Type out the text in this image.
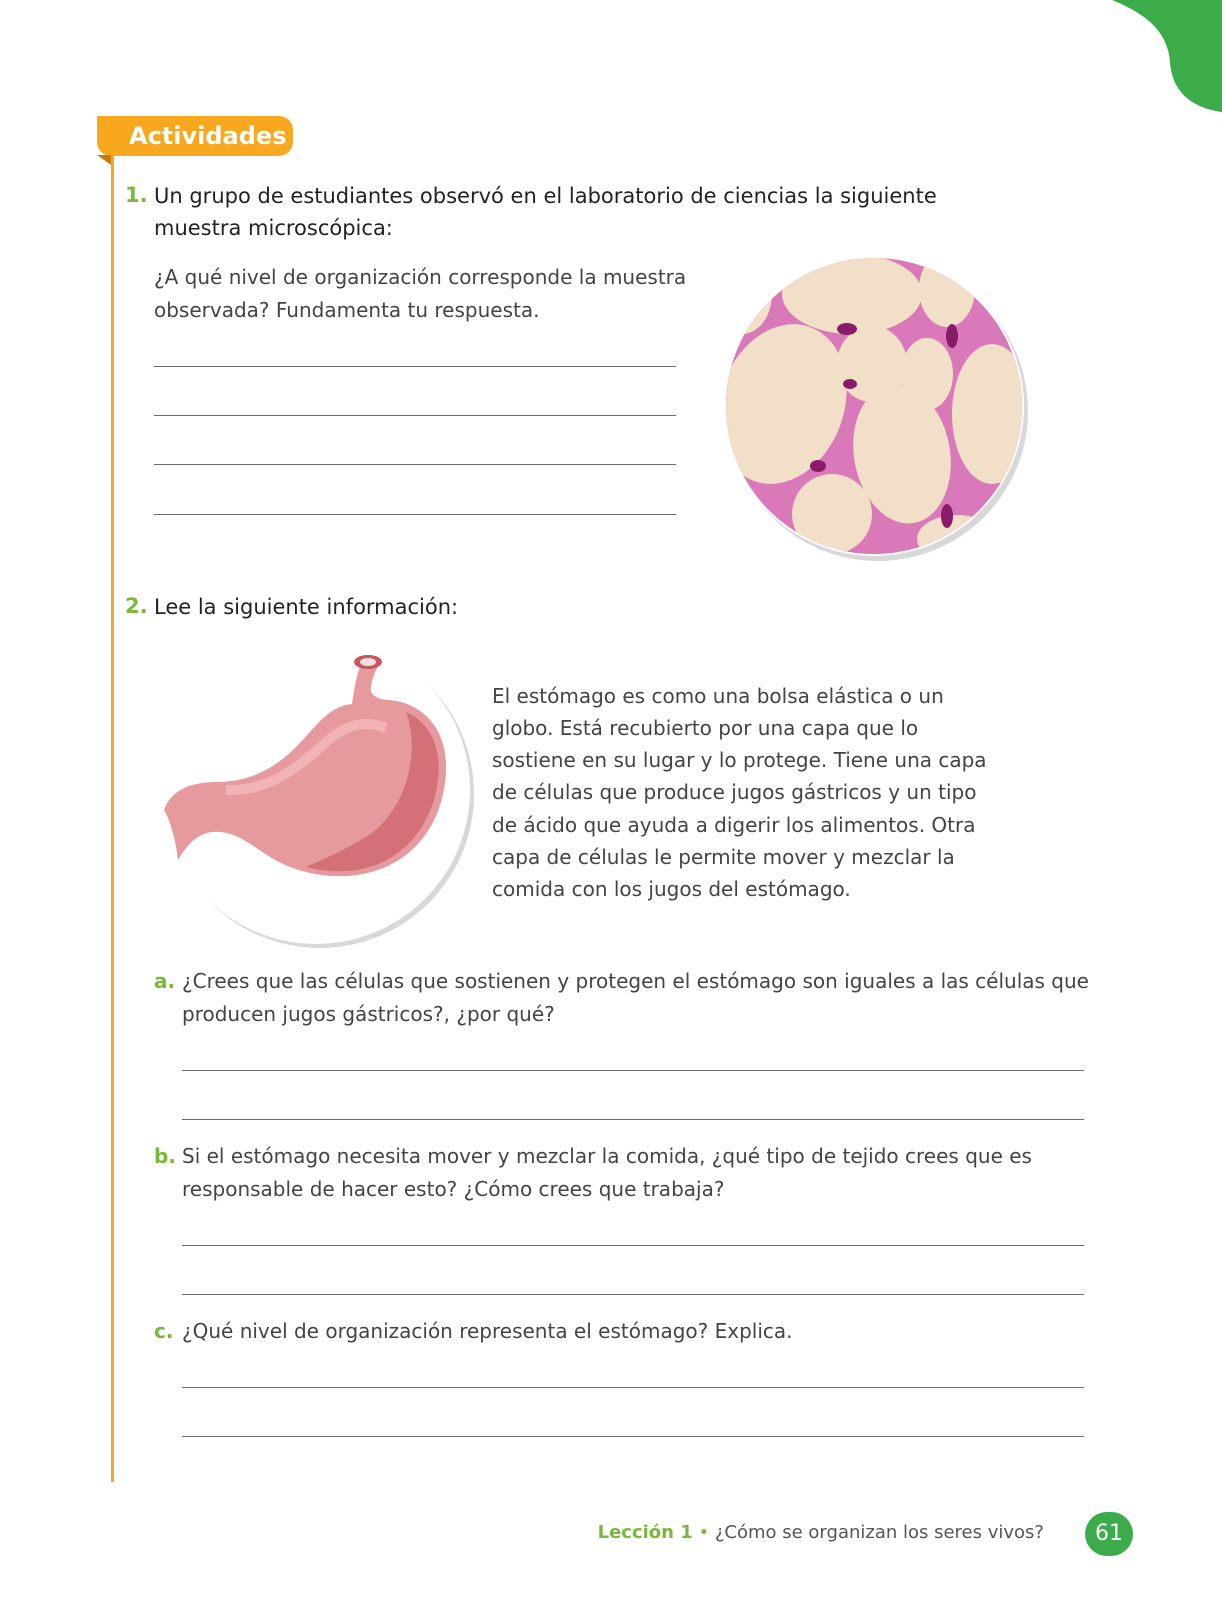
Actividades
1. Un grupo de estudiantes observó en el laboratorio de ciencias la siguiente
muestra microscópica:
¿A qué nivel de organización corresponde la muestra
observada? Fundamenta tu respuesta.
2. Lee la siguiente información:
El estómago es como una bolsa elástica o un
globo. Está recubierto por una capa que lo
sostiene en su lugar y lo protege. Tiene una capa
de células que produce jugos gástricos y un tipo
de ácido que ayuda a digerir los alimentos. Otra
capa de células le permite mover y mezclar la
comida con los jugos del estómago.
a. ¿Crees que las células que sostienen y protegen el estómago son iguales a las células que
producen jugos gástricos?, ¿por qué?
b. Si el estómago necesita mover y mezclar la comida, ¿qué tipo de tejido crees que es
responsable de hacer esto? ¿Cómo crees que trabaja?
c. ¿Qué nivel de organización representa el estómago? Explica.
Lección 1 • ¿Cómo se organizan los seres vivos?	61
